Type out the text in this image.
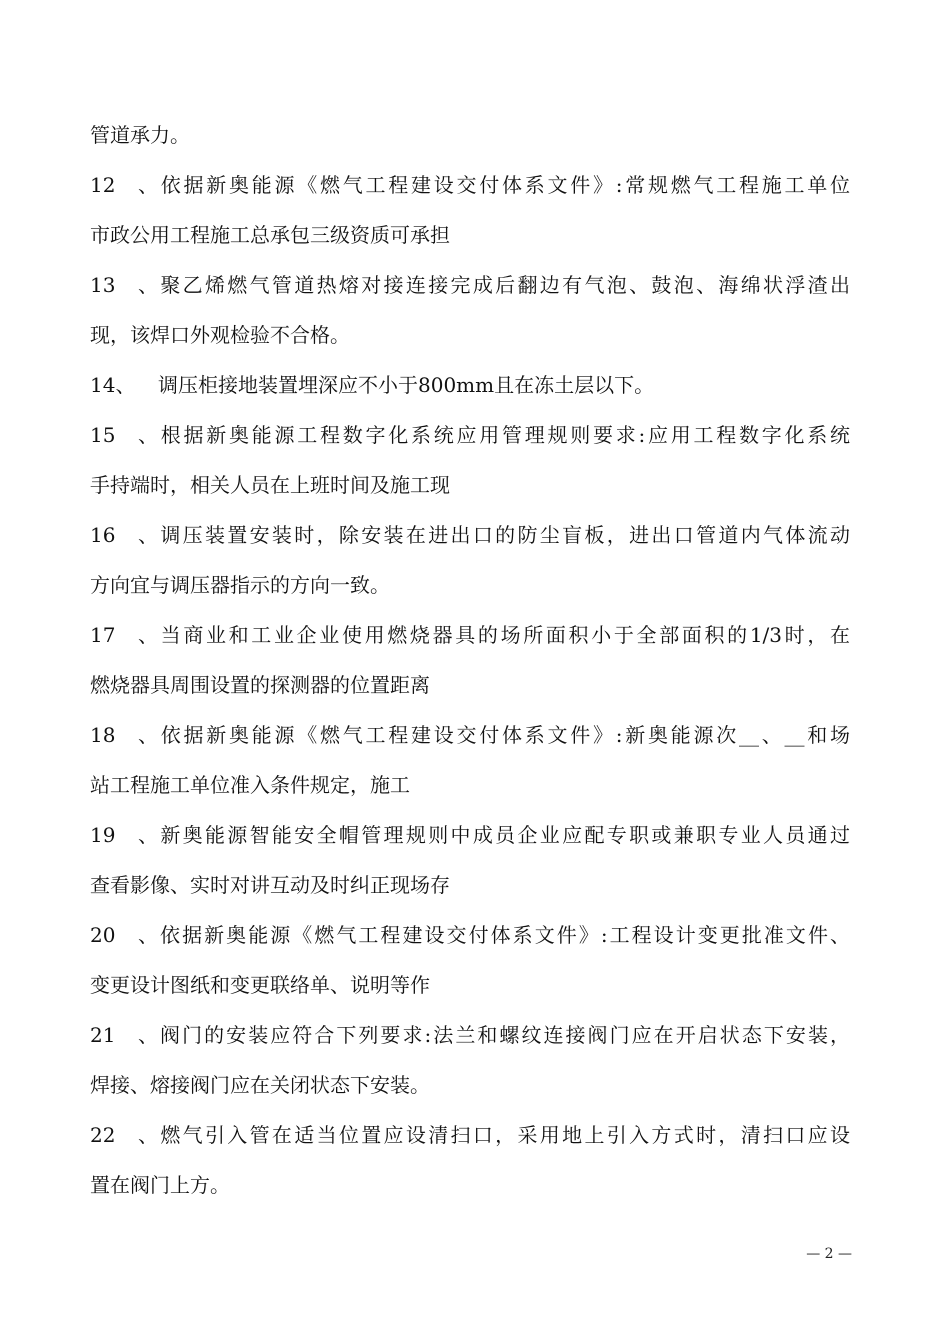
管道承力。
12、依据新奥能源《燃气工程建设交付体系文件》:常规燃气工程施工单位
市政公用工程施工总承包三级资质可承担
13、聚乙烯燃气管道热熔对接连接完成后翻边有气泡、鼓泡、海绵状浮渣出
现，该焊口外观检验不合格。
14、 调压柜接地装置埋深应不小于800mm且在冻土层以下。
15、根据新奥能源工程数字化系统应用管理规则要求:应用工程数字化系统
手持端时，相关人员在上班时间及施工现
16、调压装置安装时，除安装在进出口的防尘盲板，进出口管道内气体流动
方向宜与调压器指示的方向一致。
17、当商业和工业企业使用燃烧器具的场所面积小于全部面积的1/3时，在
燃烧器具周围设置的探测器的位置距离
18、依据新奥能源《燃气工程建设交付体系文件》:新奥能源次__、__和场
站工程施工单位准入条件规定，施工
19、新奥能源智能安全帽管理规则中成员企业应配专职或兼职专业人员通过
查看影像、实时对讲互动及时纠正现场存
20、依据新奥能源《燃气工程建设交付体系文件》:工程设计变更批准文件、
变更设计图纸和变更联络单、说明等作
21、阀门的安装应符合下列要求:法兰和螺纹连接阀门应在开启状态下安装，
焊接、熔接阀门应在关闭状态下安装。
22、燃气引入管在适当位置应设清扫口，采用地上引入方式时，清扫口应设
置在阀门上方。
— 2 —
